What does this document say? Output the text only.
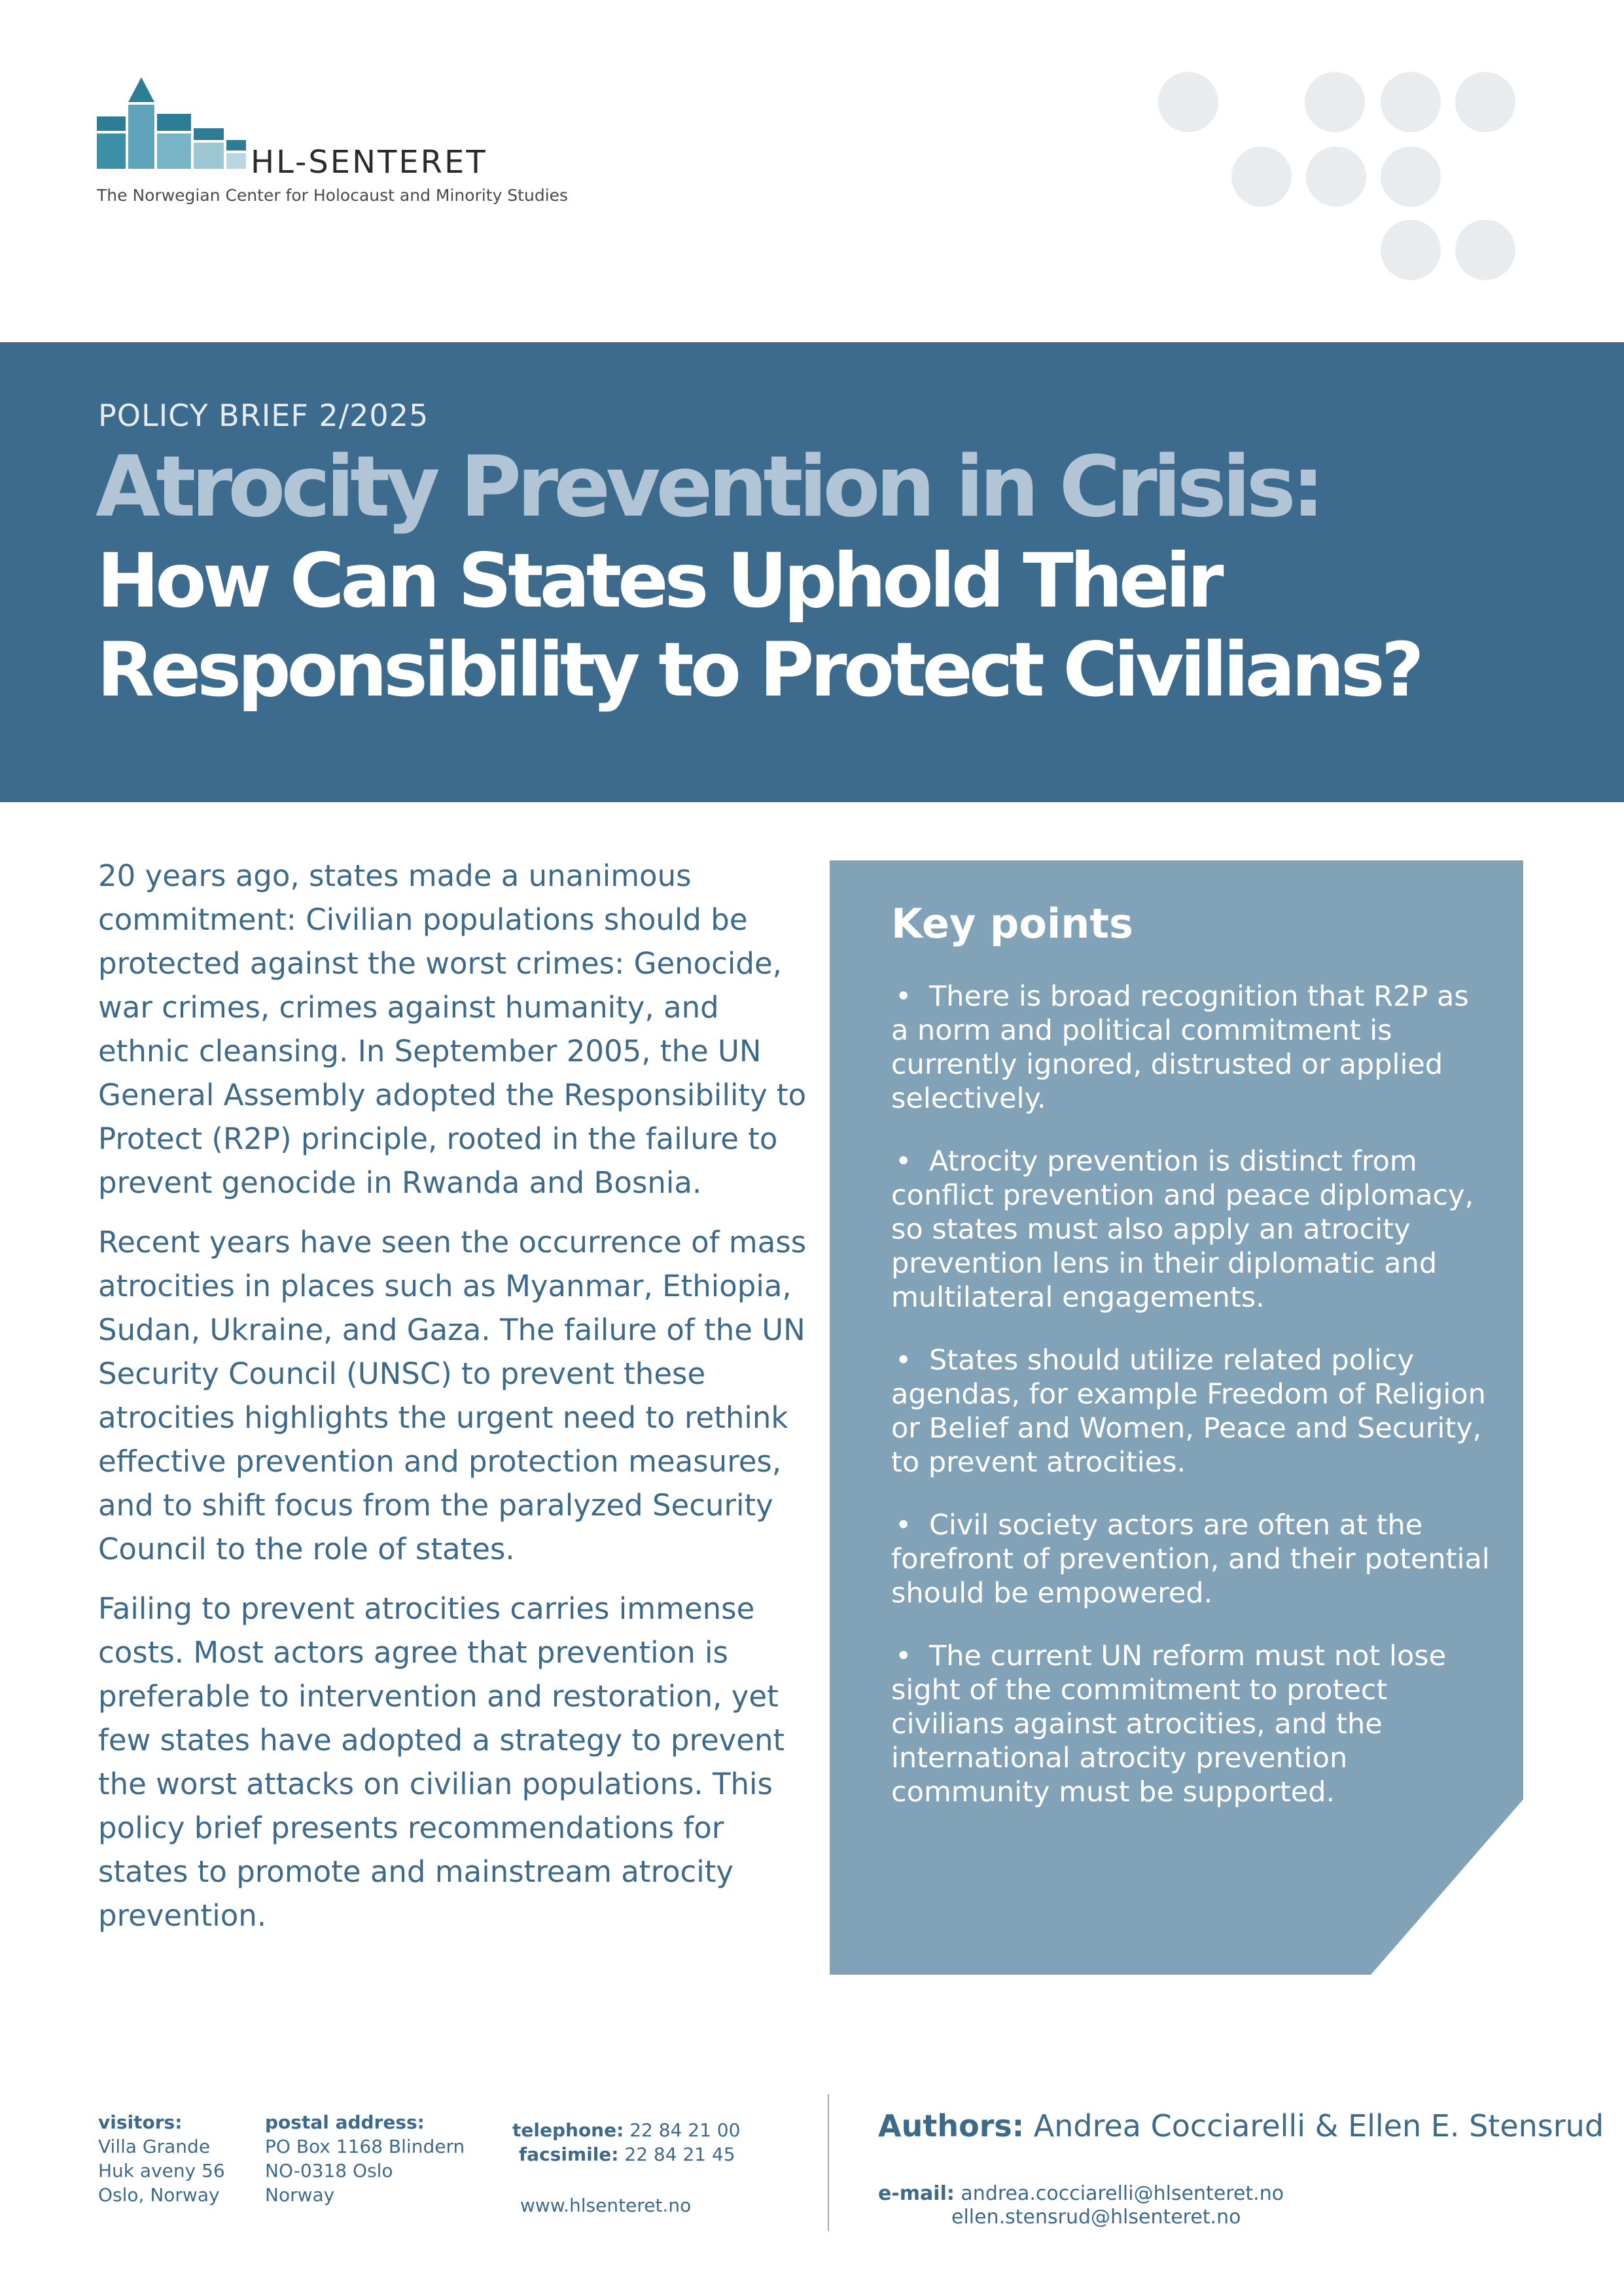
HL-SENTERET
The Norwegian Center for Holocaust and Minority Studies
POLICY BRIEF 2/2025
Atrocity Prevention in Crisis:
How Can States Uphold Their
Responsibility to Protect Civilians?

20 years ago, states made a unanimous commitment: Civilian populations should be protected against the worst crimes: Genocide, war crimes, crimes against humanity, and ethnic cleansing. In September 2005, the UN General Assembly adopted the Responsibility to Protect (R2P) principle, rooted in the failure to prevent genocide in Rwanda and Bosnia.

Recent years have seen the occurrence of mass atrocities in places such as Myanmar, Ethiopia, Sudan, Ukraine, and Gaza. The failure of the UN Security Council (UNSC) to prevent these atrocities highlights the urgent need to rethink effective prevention and protection measures, and to shift focus from the paralyzed Security Council to the role of states.

Failing to prevent atrocities carries immense costs. Most actors agree that prevention is preferable to intervention and restoration, yet few states have adopted a strategy to prevent the worst attacks on civilian populations. This policy brief presents recommendations for states to promote and mainstream atrocity prevention.

Key points
• There is broad recognition that R2P as a norm and political commitment is currently ignored, distrusted or applied selectively.
• Atrocity prevention is distinct from conflict prevention and peace diplomacy, so states must also apply an atrocity prevention lens in their diplomatic and multilateral engagements.
• States should utilize related policy agendas, for example Freedom of Religion or Belief and Women, Peace and Security, to prevent atrocities.
• Civil society actors are often at the forefront of prevention, and their potential should be empowered.
• The current UN reform must not lose sight of the commitment to protect civilians against atrocities, and the international atrocity prevention community must be supported.
visitors:
Villa Grande
Huk aveny 56
Oslo, Norway
postal address:
PO Box 1168 Blindern
NO-0318 Oslo
Norway
telephone: 22 84 21 00
facsimile: 22 84 21 45
www.hlsenteret.no
Authors: Andrea Cocciarelli & Ellen E. Stensrud
e-mail: andrea.cocciarelli@hlsenteret.no
ellen.stensrud@hlsenteret.no
